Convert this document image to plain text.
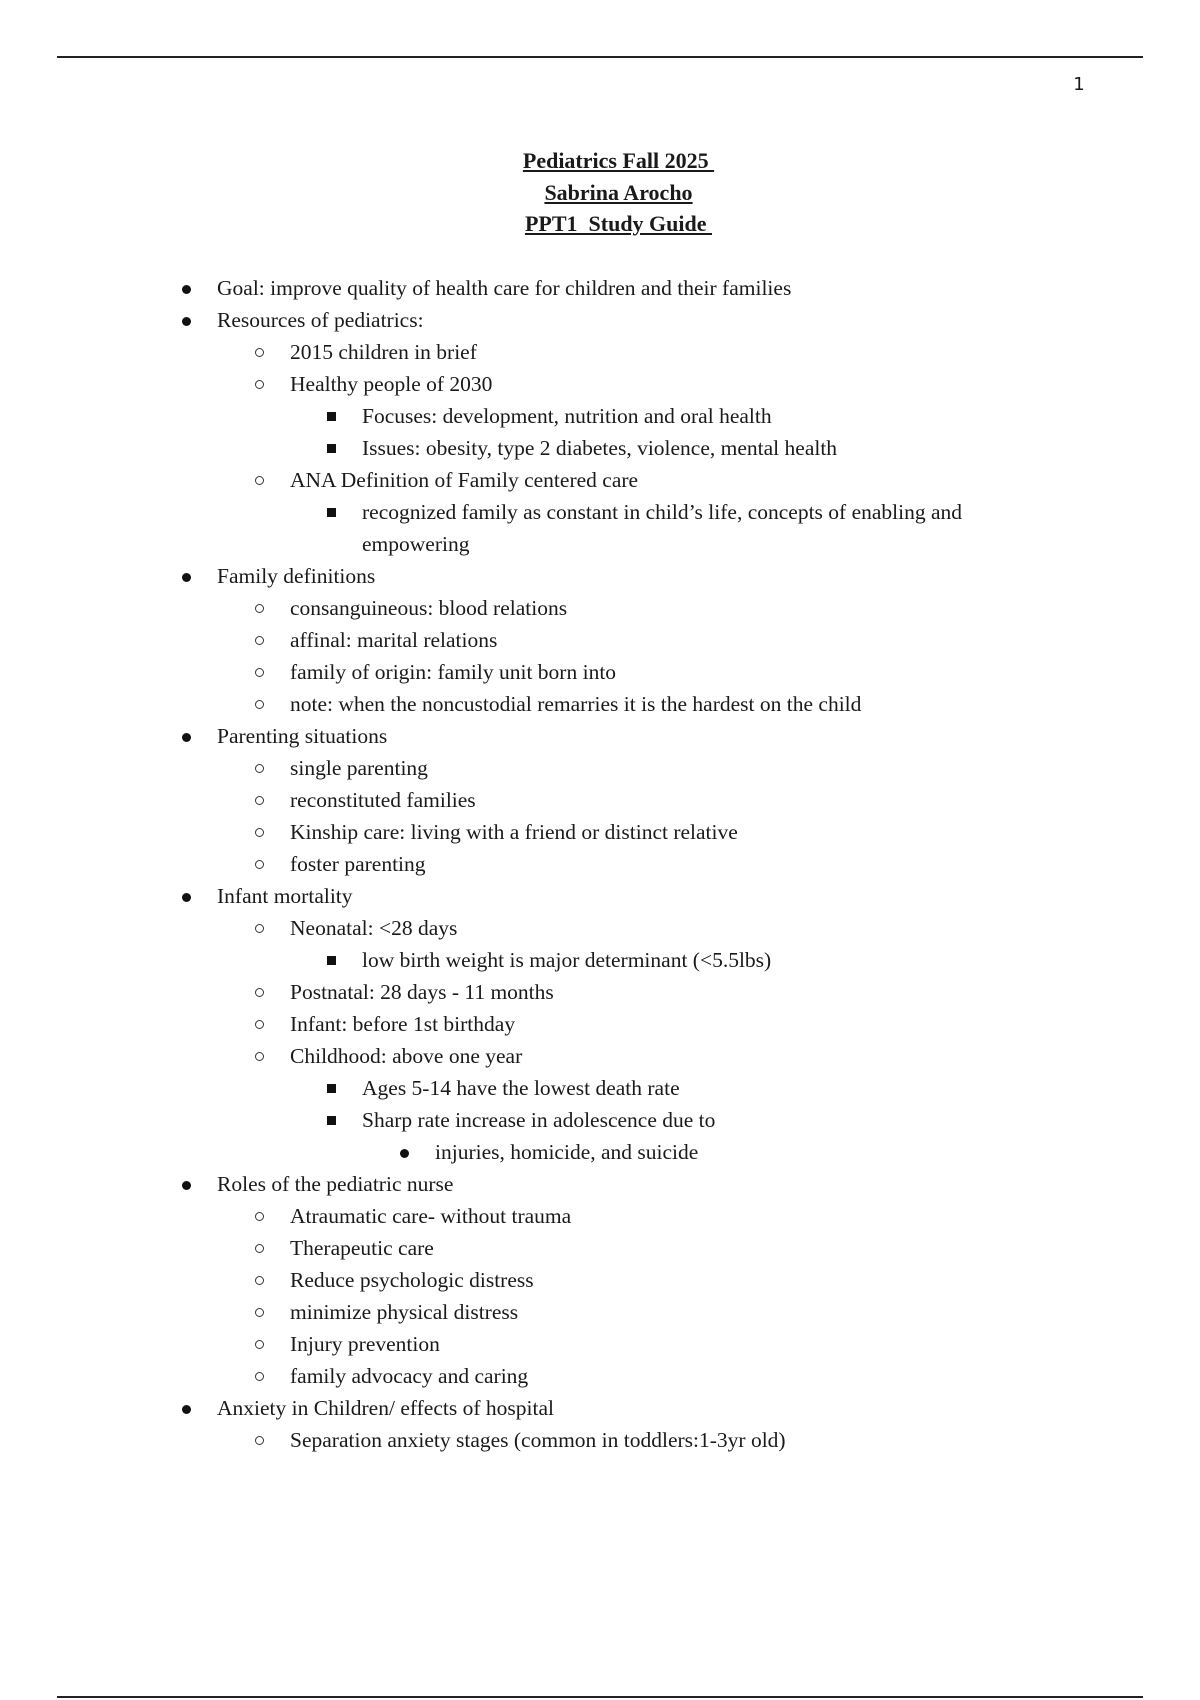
1
Pediatrics Fall 2025
Sabrina Arocho
PPT1  Study Guide
Goal: improve quality of health care for children and their families
Resources of pediatrics:
2015 children in brief
Healthy people of 2030
Focuses: development, nutrition and oral health
Issues: obesity, type 2 diabetes, violence, mental health
ANA Definition of Family centered care
recognized family as constant in child’s life, concepts of enabling and empowering
Family definitions
consanguineous: blood relations
affinal: marital relations
family of origin: family unit born into
note: when the noncustodial remarries it is the hardest on the child
Parenting situations
single parenting
reconstituted families
Kinship care: living with a friend or distinct relative
foster parenting
Infant mortality
Neonatal: <28 days
low birth weight is major determinant (<5.5lbs)
Postnatal: 28 days - 11 months
Infant: before 1st birthday
Childhood: above one year
Ages 5-14 have the lowest death rate
Sharp rate increase in adolescence due to
injuries, homicide, and suicide
Roles of the pediatric nurse
Atraumatic care- without trauma
Therapeutic care
Reduce psychologic distress
minimize physical distress
Injury prevention
family advocacy and caring
Anxiety in Children/ effects of hospital
Separation anxiety stages (common in toddlers:1-3yr old)
